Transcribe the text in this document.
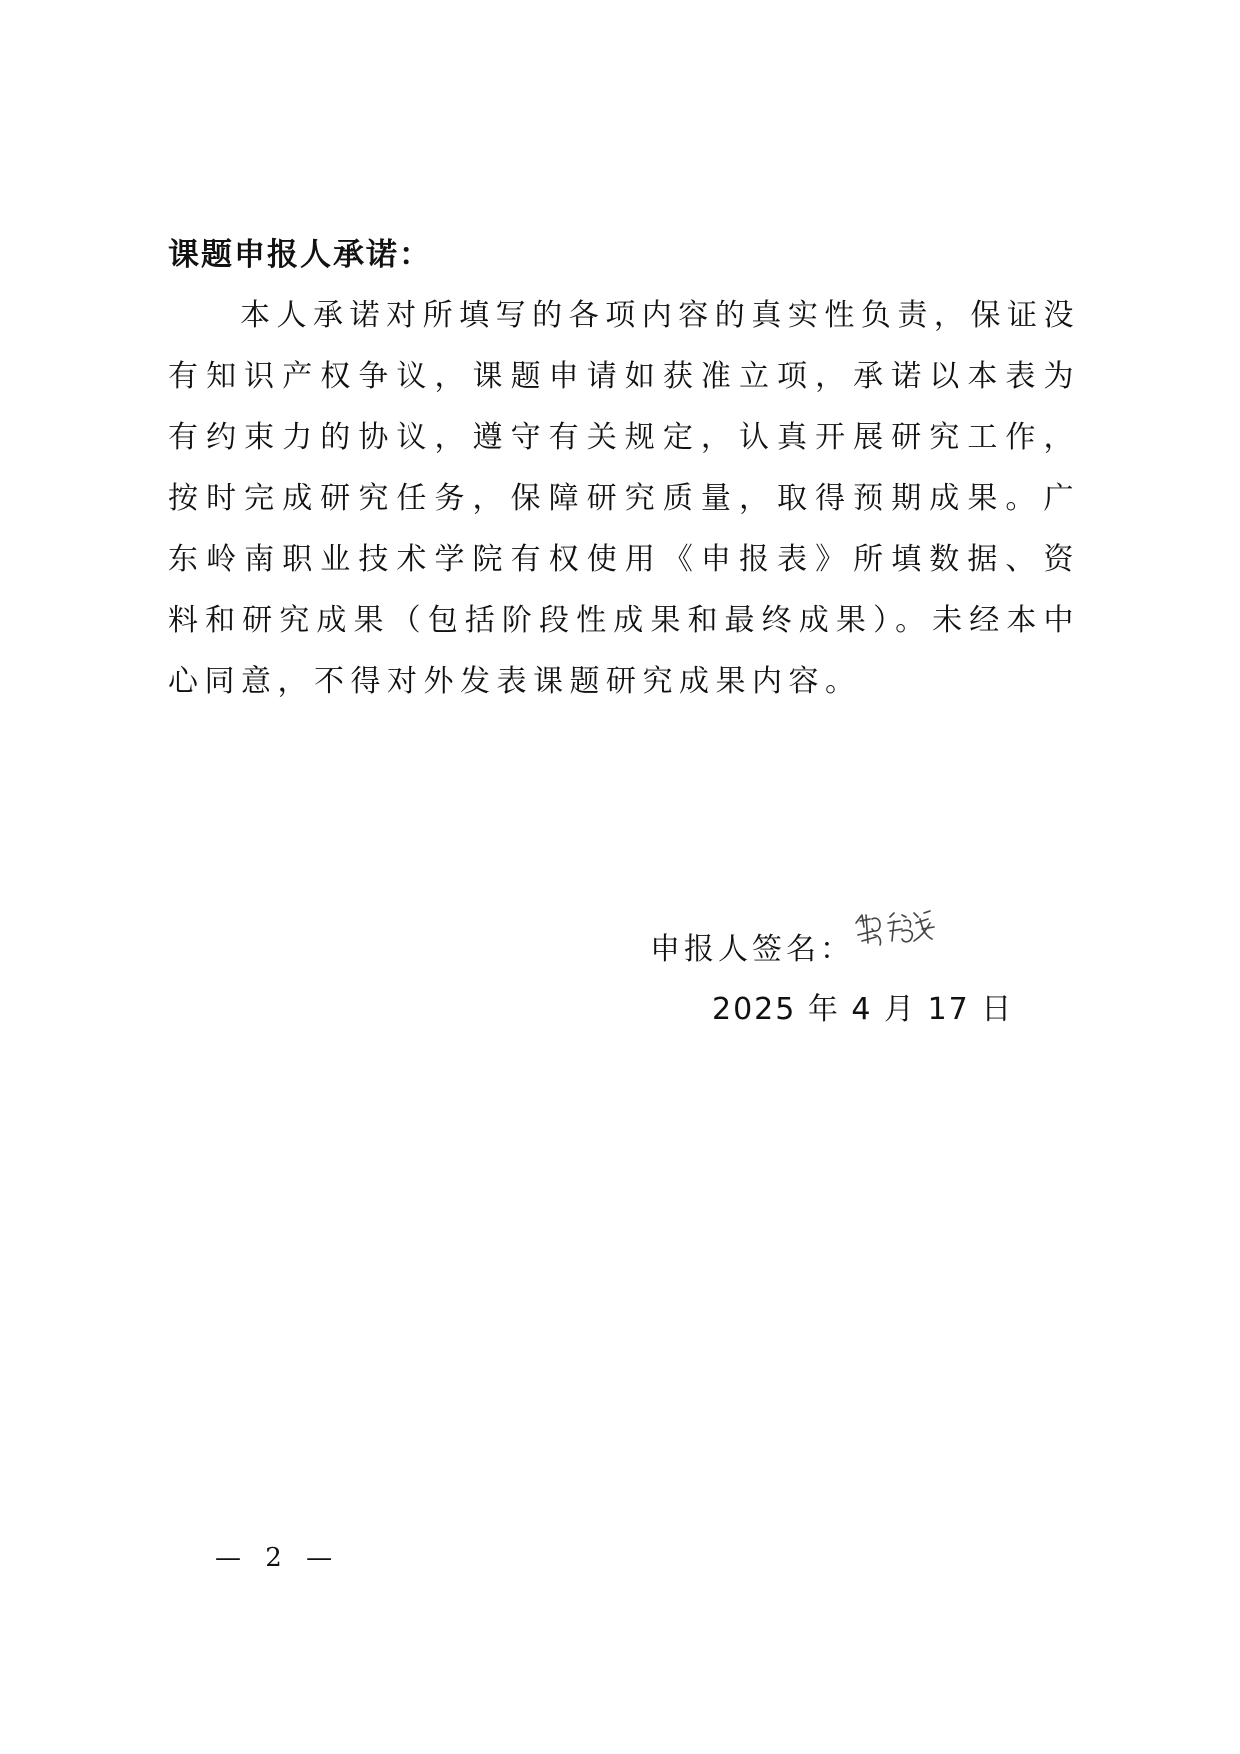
课题申报人承诺：
本人承诺对所填写的各项内容的真实性负责，保证没有知识产权争议，课题申请如获准立项，承诺以本表为有约束力的协议，遵守有关规定，认真开展研究工作，按时完成研究任务，保障研究质量，取得预期成果。广东岭南职业技术学院有权使用《申报表》所填数据、资料和研究成果（包括阶段性成果和最终成果）。未经本中心同意，不得对外发表课题研究成果内容。
申报人签名：
2025 年 4 月 17 日
— 2 —
